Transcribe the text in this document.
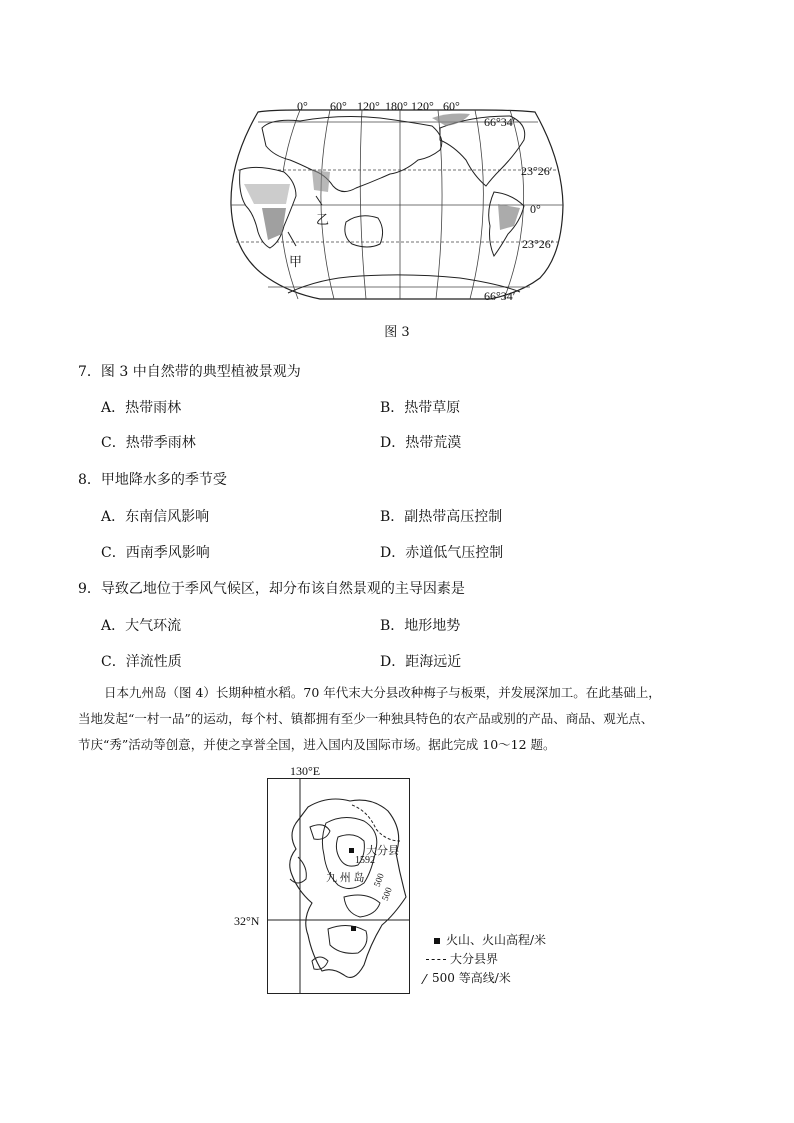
0° 60° 120° 180° 120° 60°
66°34′
23°26′
0°
23°26′
66°34′
乙
甲
图 3
7．图 3 中自然带的典型植被景观为
A．热带雨林	B．热带草原
C．热带季雨林	D．热带荒漠
8．甲地降水多的季节受
A．东南信风影响	B．副热带高压控制
C．西南季风影响	D．赤道低气压控制
9．导致乙地位于季风气候区，却分布该自然景观的主导因素是
A．大气环流	B．地形地势
C．洋流性质	D．距海远近

日本九州岛（图 4）长期种植水稻。70 年代末大分县改种梅子与板栗，并发展深加工。在此基础上，

当地发起“一村一品”的运动，每个村、镇都拥有至少一种独具特色的农产品或别的产品、商品、观光点、

节庆“秀”活动等创意，并使之享誉全国，进入国内及国际市场。据此完成 10～12 题。

130°E
32°N
大分县
九 州 岛
1592
500
500
火山、火山高程/米
大分县界
500 等高线/米
